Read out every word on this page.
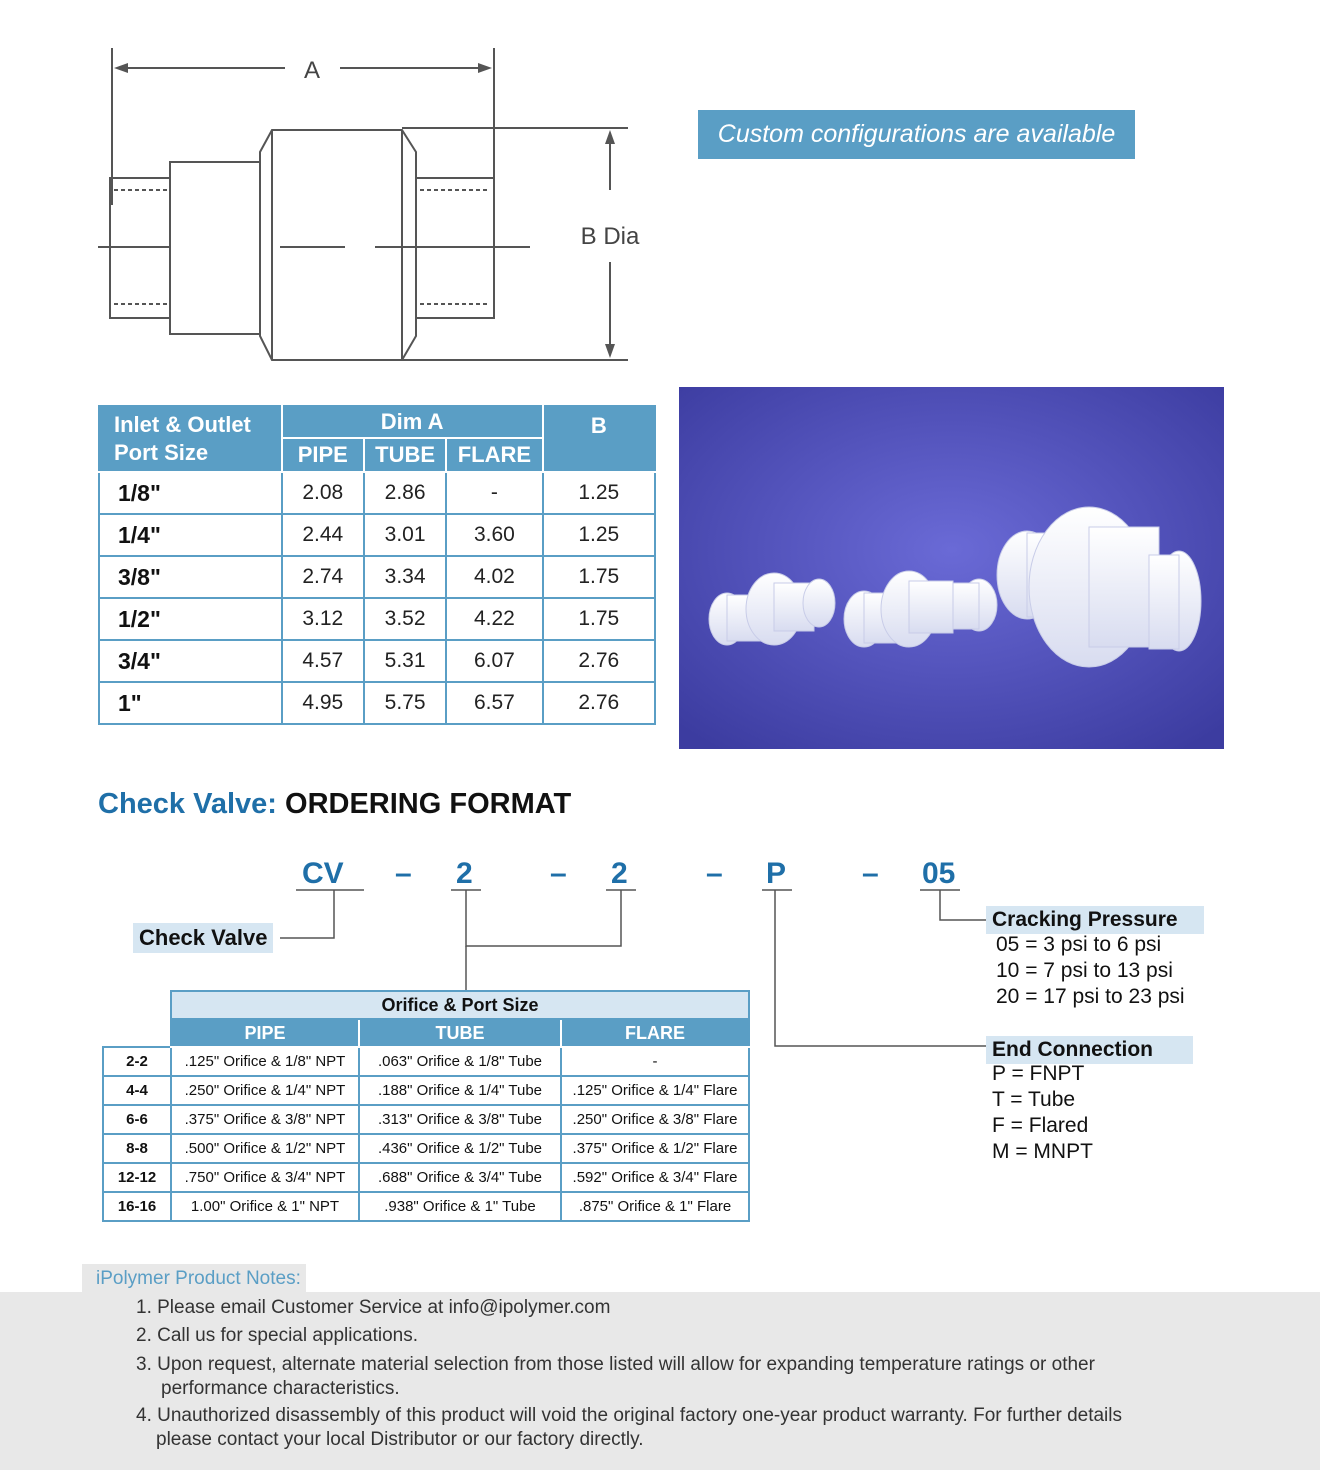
A
B Dia
Custom configurations are available
Inlet & Outlet
Port Size	Dim A			B
	PIPE	TUBE	FLARE	
1/8"	2.08	2.86	-	1.25
1/4"	2.44	3.01	3.60	1.25
3/8"	2.74	3.34	4.02	1.75
1/2"	3.12	3.52	4.22	1.75
3/4"	4.57	5.31	6.07	2.76
1"	4.95	5.75	6.57	2.76
Check Valve: ORDERING FORMAT
CV – 2	– 2	– P	– 05
Check Valve
Cracking Pressure
05 = 3 psi to 6 psi
10 = 7 psi to 13 psi
20 = 17 psi to 23 psi
End Connection
P = FNPT
T = Tube
F = Flared
M = MNPT
	Orifice & Port Size		
	PIPE	TUBE	FLARE
2-2	.125" Orifice & 1/8" NPT	.063" Orifice & 1/8" Tube	-
4-4	.250" Orifice & 1/4" NPT	.188" Orifice & 1/4" Tube	.125" Orifice & 1/4" Flare
6-6	.375" Orifice & 3/8" NPT	.313" Orifice & 3/8" Tube	.250" Orifice & 3/8" Flare
8-8	.500" Orifice & 1/2" NPT	.436" Orifice & 1/2" Tube	.375" Orifice & 1/2" Flare
12-12	.750" Orifice & 3/4" NPT	.688" Orifice & 3/4" Tube	.592" Orifice & 3/4" Flare
16-16	1.00" Orifice & 1" NPT	.938" Orifice & 1" Tube	.875" Orifice & 1" Flare
iPolymer Product Notes:
1. Please email Customer Service at info@ipolymer.com
2. Call us for special applications.
3. Upon request, alternate material selection from those listed will allow for expanding temperature ratings or other
performance characteristics.
4. Unauthorized disassembly of this product will void the original factory one-year product warranty. For further details
please contact your local Distributor or our factory directly.
